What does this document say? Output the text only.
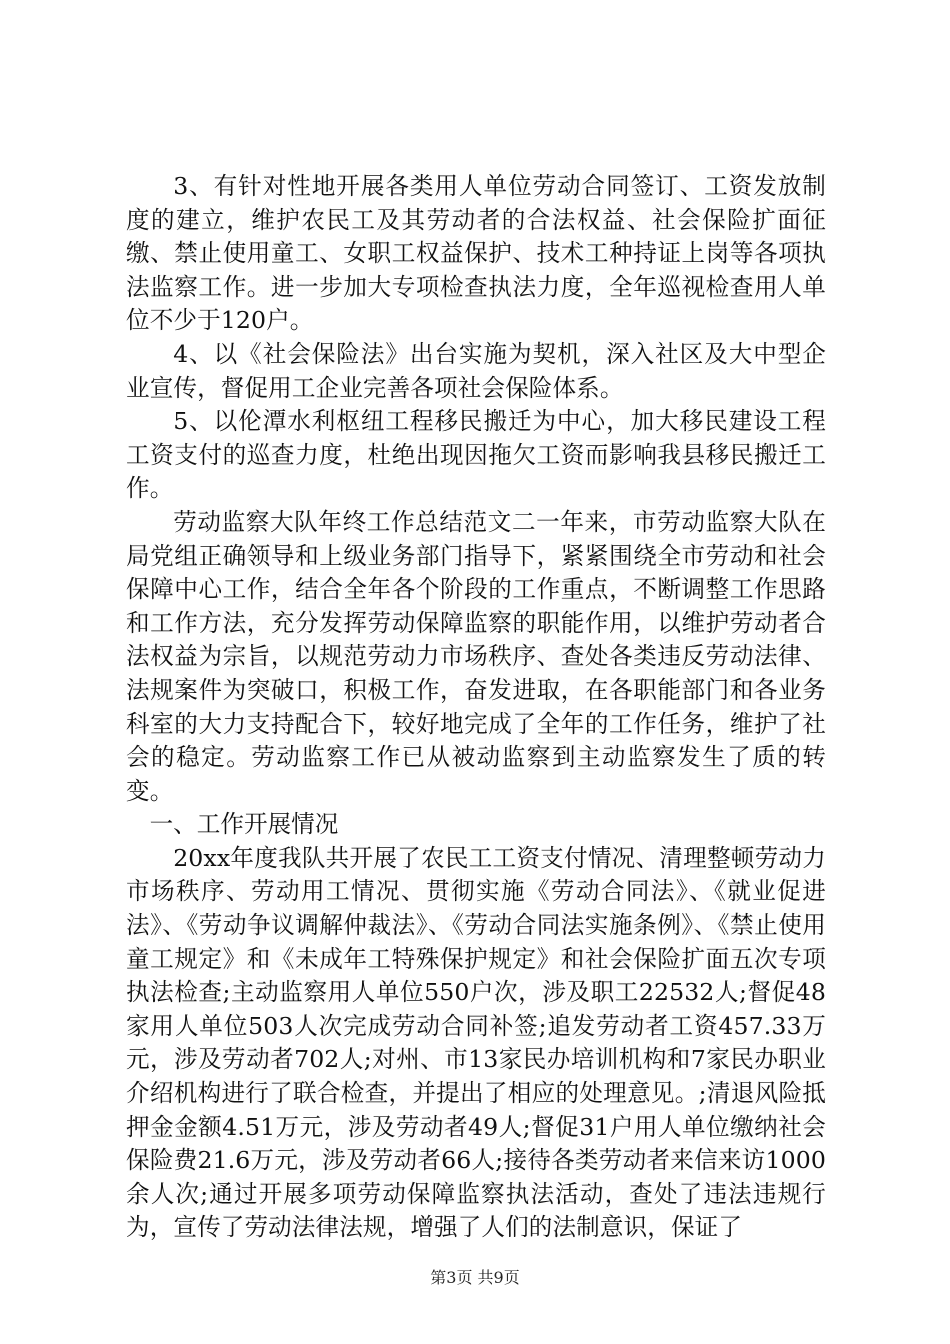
3、有针对性地开展各类用人单位劳动合同签订、工资发放制度的建立，维护农民工及其劳动者的合法权益、社会保险扩面征缴、禁止使用童工、女职工权益保护、技术工种持证上岗等各项执法监察工作。进一步加大专项检查执法力度，全年巡视检查用人单位不少于120户。

4、以《社会保险法》出台实施为契机，深入社区及大中型企业宣传，督促用工企业完善各项社会保险体系。

5、以伦潭水利枢纽工程移民搬迁为中心，加大移民建设工程工资支付的巡查力度，杜绝出现因拖欠工资而影响我县移民搬迁工作。

劳动监察大队年终工作总结范文二一年来，市劳动监察大队在局党组正确领导和上级业务部门指导下，紧紧围绕全市劳动和社会保障中心工作，结合全年各个阶段的工作重点，不断调整工作思路和工作方法，充分发挥劳动保障监察的职能作用，以维护劳动者合法权益为宗旨，以规范劳动力市场秩序、查处各类违反劳动法律、法规案件为突破口，积极工作，奋发进取，在各职能部门和各业务科室的大力支持配合下，较好地完成了全年的工作任务，维护了社会的稳定。劳动监察工作已从被动监察到主动监察发生了质的转变。

一、工作开展情况

20xx年度我队共开展了农民工工资支付情况、清理整顿劳动力市场秩序、劳动用工情况、贯彻实施《劳动合同法》、《就业促进法》、《劳动争议调解仲裁法》、《劳动合同法实施条例》、《禁止使用童工规定》和《未成年工特殊保护规定》和社会保险扩面五次专项执法检查;主动监察用人单位550户次，涉及职工22532人;督促48家用人单位503人次完成劳动合同补签;追发劳动者工资457.33万元，涉及劳动者702人;对州、市13家民办培训机构和7家民办职业介绍机构进行了联合检查，并提出了相应的处理意见。;清退风险抵押金金额4.51万元，涉及劳动者49人;督促31户用人单位缴纳社会保险费21.6万元，涉及劳动者66人;接待各类劳动者来信来访1000余人次;通过开展多项劳动保障监察执法活动，查处了违法违规行为，宣传了劳动法律法规，增强了人们的法制意识，保证了

第3页 共9页
